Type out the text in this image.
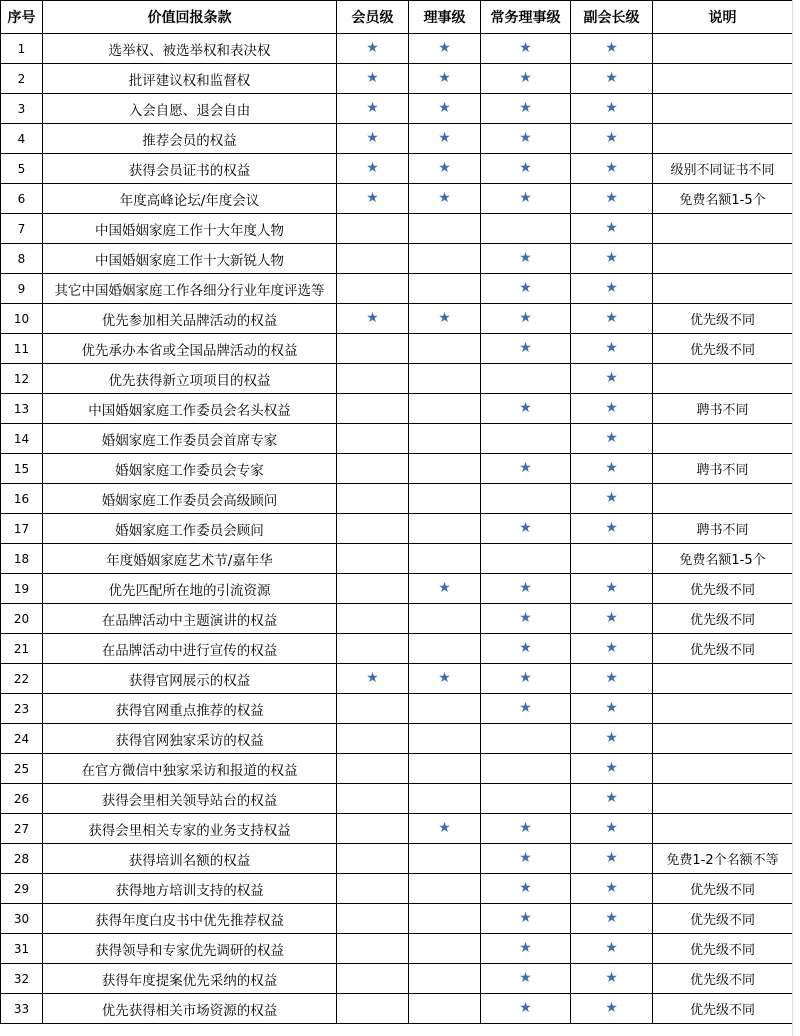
序号	价值回报条款	会员级	理事级	常务理事级	副会长级	说明
1	选举权、被选举权和表决权	★	★	★	★	
2	批评建议权和监督权	★	★	★	★	
3	入会自愿、退会自由	★	★	★	★	
4	推荐会员的权益	★	★	★	★	
5	获得会员证书的权益	★	★	★	★	级别不同证书不同
6	年度高峰论坛/年度会议	★	★	★	★	免费名额1-5个
7	中国婚姻家庭工作十大年度人物				★	
8	中国婚姻家庭工作十大新锐人物			★	★	
9	其它中国婚姻家庭工作各细分行业年度评选等			★	★	
10	优先参加相关品牌活动的权益	★	★	★	★	优先级不同
11	优先承办本省或全国品牌活动的权益			★	★	优先级不同
12	优先获得新立项项目的权益				★	
13	中国婚姻家庭工作委员会名头权益			★	★	聘书不同
14	婚姻家庭工作委员会首席专家				★	
15	婚姻家庭工作委员会专家			★	★	聘书不同
16	婚姻家庭工作委员会高级顾问				★	
17	婚姻家庭工作委员会顾问			★	★	聘书不同
18	年度婚姻家庭艺术节/嘉年华					免费名额1-5个
19	优先匹配所在地的引流资源		★	★	★	优先级不同
20	在品牌活动中主题演讲的权益			★	★	优先级不同
21	在品牌活动中进行宣传的权益			★	★	优先级不同
22	获得官网展示的权益	★	★	★	★	
23	获得官网重点推荐的权益			★	★	
24	获得官网独家采访的权益				★	
25	在官方微信中独家采访和报道的权益				★	
26	获得会里相关领导站台的权益				★	
27	获得会里相关专家的业务支持权益		★	★	★	
28	获得培训名额的权益			★	★	免费1-2个名额不等
29	获得地方培训支持的权益			★	★	优先级不同
30	获得年度白皮书中优先推荐权益			★	★	优先级不同
31	获得领导和专家优先调研的权益			★	★	优先级不同
32	获得年度提案优先采纳的权益			★	★	优先级不同
33	优先获得相关市场资源的权益			★	★	优先级不同
